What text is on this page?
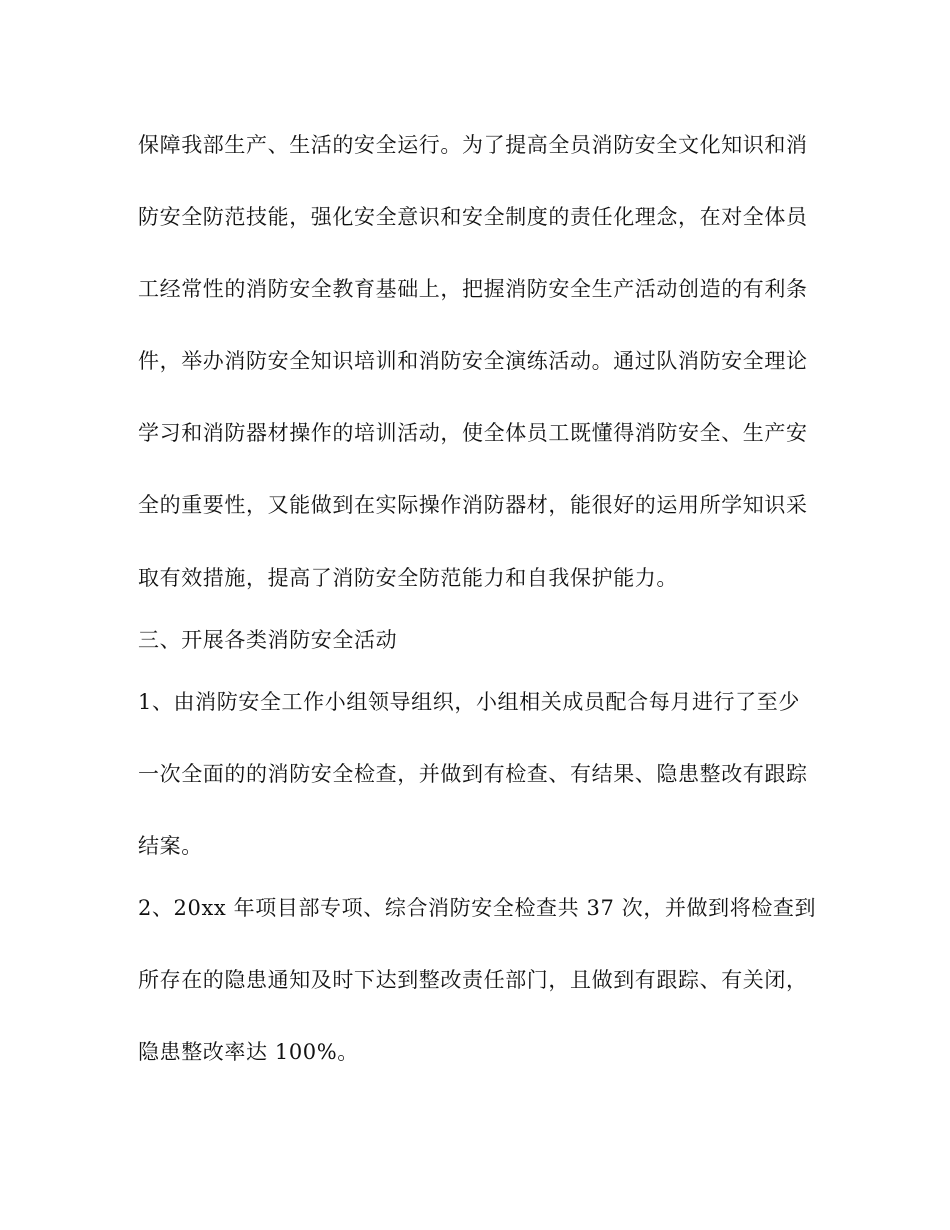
保障我部生产、生活的安全运行。为了提高全员消防安全文化知识和消
防安全防范技能，强化安全意识和安全制度的责任化理念，在对全体员
工经常性的消防安全教育基础上，把握消防安全生产活动创造的有利条
件，举办消防安全知识培训和消防安全演练活动。通过队消防安全理论
学习和消防器材操作的培训活动，使全体员工既懂得消防安全、生产安
全的重要性，又能做到在实际操作消防器材，能很好的运用所学知识采
取有效措施，提高了消防安全防范能力和自我保护能力。
三、开展各类消防安全活动
1、由消防安全工作小组领导组织，小组相关成员配合每月进行了至少
一次全面的的消防安全检查，并做到有检查、有结果、隐患整改有跟踪
结案。
2、20xx 年项目部专项、综合消防安全检查共 37 次，并做到将检查到
所存在的隐患通知及时下达到整改责任部门，且做到有跟踪、有关闭，
隐患整改率达 100%。
